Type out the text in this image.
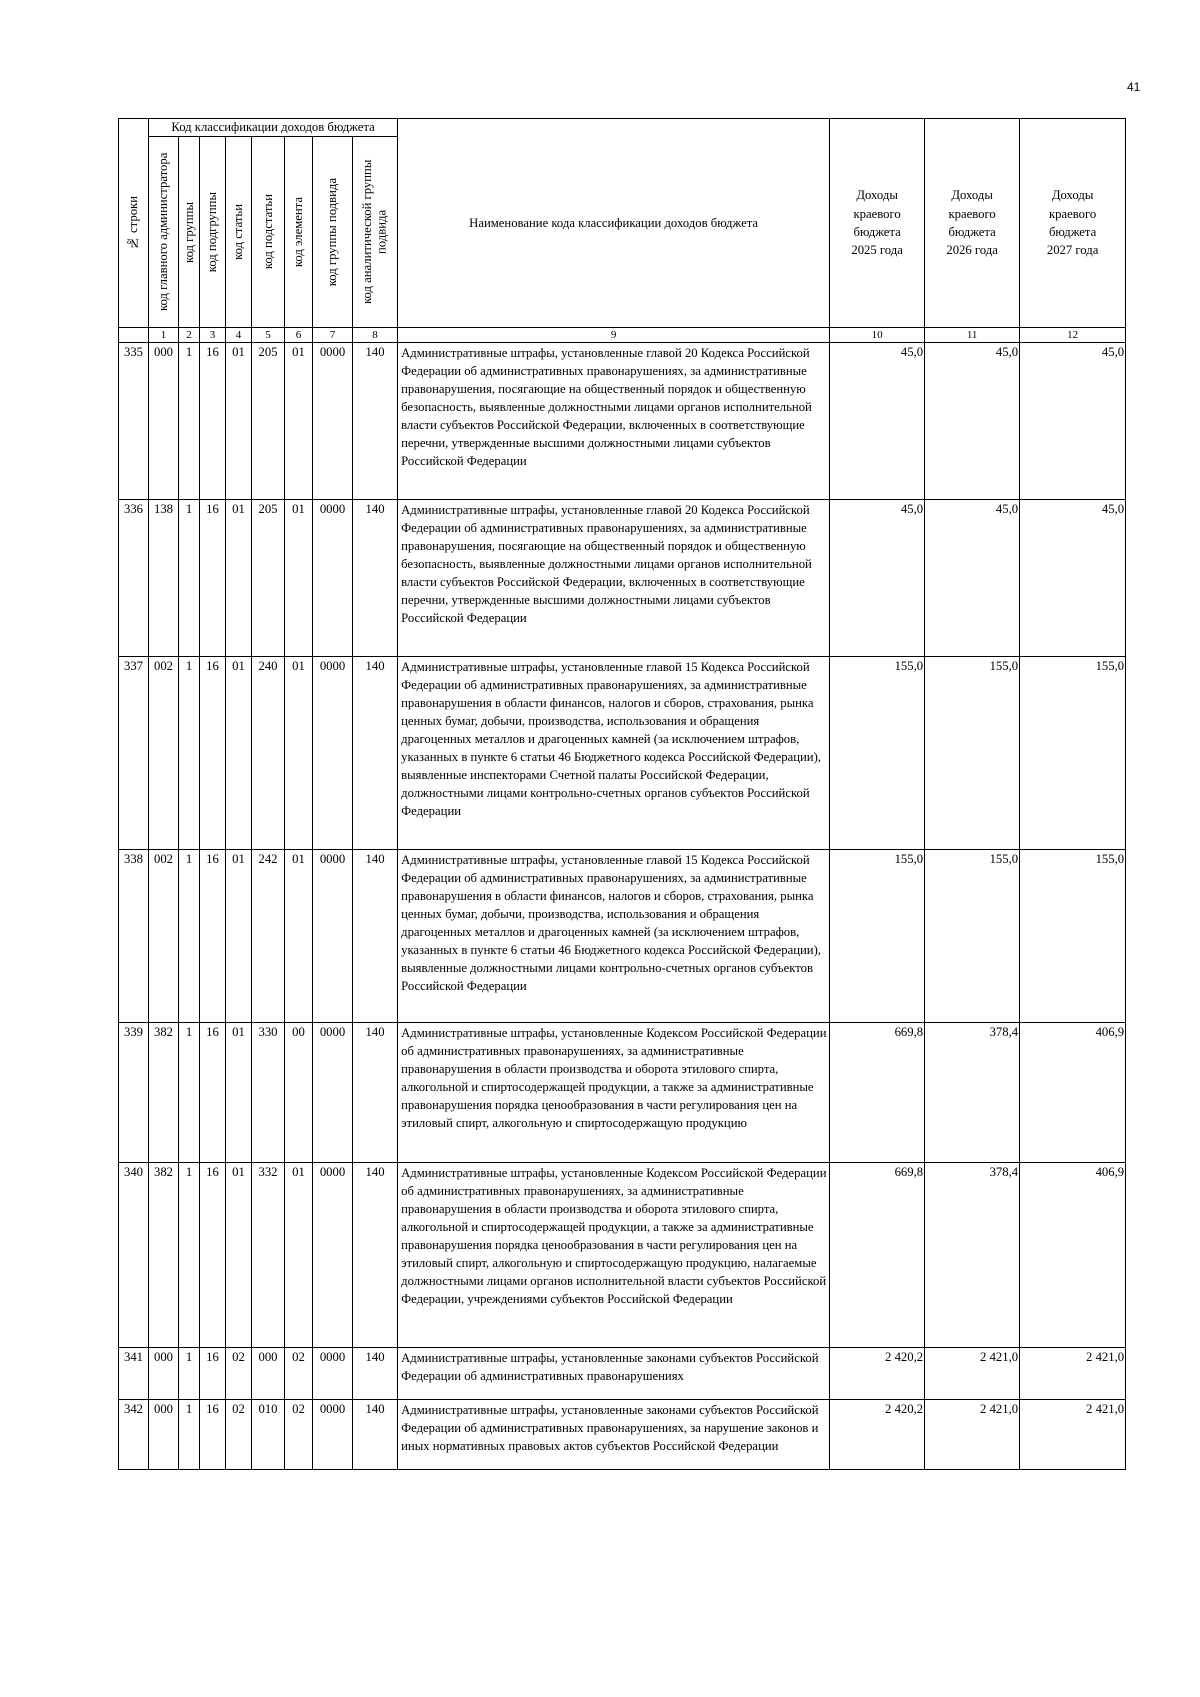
41
№ строки	Код классификации доходов бюджета								Наименование кода классификации доходов бюджета	Доходы
краевого
бюджета
2025 года	Доходы
краевого
бюджета
2026 года	Доходы
краевого
бюджета
2027 года

	код главного администратора	код группы	код подгруппы	код статьи	код подстатьи	код элемента	код группы подвида	код аналитической группы подвида				

	1	2	3	4	5	6	7	8	9	10	11	12
335	000	1	16	01	205	01	0000	140	Административные штрафы, установленные главой 20 Кодекса Российской Федерации об административных правонарушениях, за административные правонарушения, посягающие на общественный порядок и общественную безопасность, выявленные должностными лицами органов исполнительной власти субъектов Российской Федерации, включенных в соответствующие перечни, утвержденные высшими должностными лицами субъектов Российской Федерации	45,0	45,0	45,0
336	138	1	16	01	205	01	0000	140	Административные штрафы, установленные главой 20 Кодекса Российской Федерации об административных правонарушениях, за административные правонарушения, посягающие на общественный порядок и общественную безопасность, выявленные должностными лицами органов исполнительной власти субъектов Российской Федерации, включенных в соответствующие перечни, утвержденные высшими должностными лицами субъектов Российской Федерации	45,0	45,0	45,0
337	002	1	16	01	240	01	0000	140	Административные штрафы, установленные главой 15 Кодекса Российской Федерации об административных правонарушениях, за административные правонарушения в области финансов, налогов и сборов, страхования, рынка ценных бумаг, добычи, производства, использования и обращения драгоценных металлов и драгоценных камней (за исключением штрафов, указанных в пункте 6 статьи 46 Бюджетного кодекса Российской Федерации), выявленные инспекторами Счетной палаты Российской Федерации, должностными лицами контрольно-счетных органов субъектов Российской Федерации	155,0	155,0	155,0
338	002	1	16	01	242	01	0000	140	Административные штрафы, установленные главой 15 Кодекса Российской Федерации об административных правонарушениях, за административные правонарушения в области финансов, налогов и сборов, страхования, рынка ценных бумаг, добычи, производства, использования и обращения драгоценных металлов и драгоценных камней (за исключением штрафов, указанных в пункте 6 статьи 46 Бюджетного кодекса Российской Федерации), выявленные должностными лицами контрольно-счетных органов субъектов Российской Федерации	155,0	155,0	155,0
339	382	1	16	01	330	00	0000	140	Административные штрафы, установленные Кодексом Российской Федерации об административных правонарушениях, за административные правонарушения в области производства и оборота этилового спирта, алкогольной и спиртосодержащей продукции, а также за административные правонарушения порядка ценообразования в части регулирования цен на этиловый спирт, алкогольную и спиртосодержащую продукцию	669,8	378,4	406,9
340	382	1	16	01	332	01	0000	140	Административные штрафы, установленные Кодексом Российской Федерации об административных правонарушениях, за административные правонарушения в области производства и оборота этилового спирта, алкогольной и спиртосодержащей продукции, а также за административные правонарушения порядка ценообразования в части регулирования цен на этиловый спирт, алкогольную и спиртосодержащую продукцию, налагаемые должностными лицами органов исполнительной власти субъектов Российской Федерации, учреждениями субъектов Российской Федерации	669,8	378,4	406,9
341	000	1	16	02	000	02	0000	140	Административные штрафы, установленные законами субъектов Российской Федерации об административных правонарушениях	2 420,2	2 421,0	2 421,0
342	000	1	16	02	010	02	0000	140	Административные штрафы, установленные законами субъектов Российской Федерации об административных правонарушениях, за нарушение законов и иных нормативных правовых актов субъектов Российской Федерации	2 420,2	2 421,0	2 421,0
